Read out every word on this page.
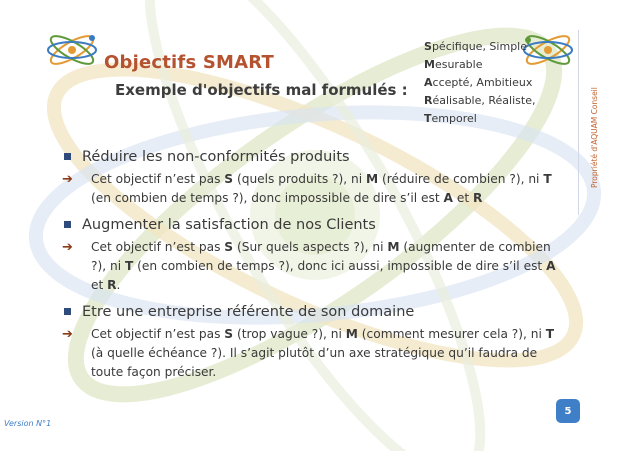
Objectifs SMART
Exemple d'objectifs mal formulés :
Spécifique, Simple
Mesurable
Accepté, Ambitieux
Réalisable, Réaliste,
Temporel	Propriété d'AQUAM Conseil
Réduire les non-conformités produits
➔ Cet objectif n’est pas S (quels produits ?), ni M (réduire de combien ?), ni T (en combien de temps ?), donc impossible de dire s’il est A et R
Augmenter la satisfaction de nos Clients
➔ Cet objectif n’est pas S (Sur quels aspects ?), ni M (augmenter de combien ?), ni T (en combien de temps ?), donc ici aussi, impossible de dire s’il est A et R.
Etre une entreprise référente de son domaine
➔ Cet objectif n’est pas S (trop vague ?), ni M (comment mesurer cela ?), ni T (à quelle échéance ?). Il s’agit plutôt d’un axe stratégique qu’il faudra de toute façon préciser.
5
Version N°1
